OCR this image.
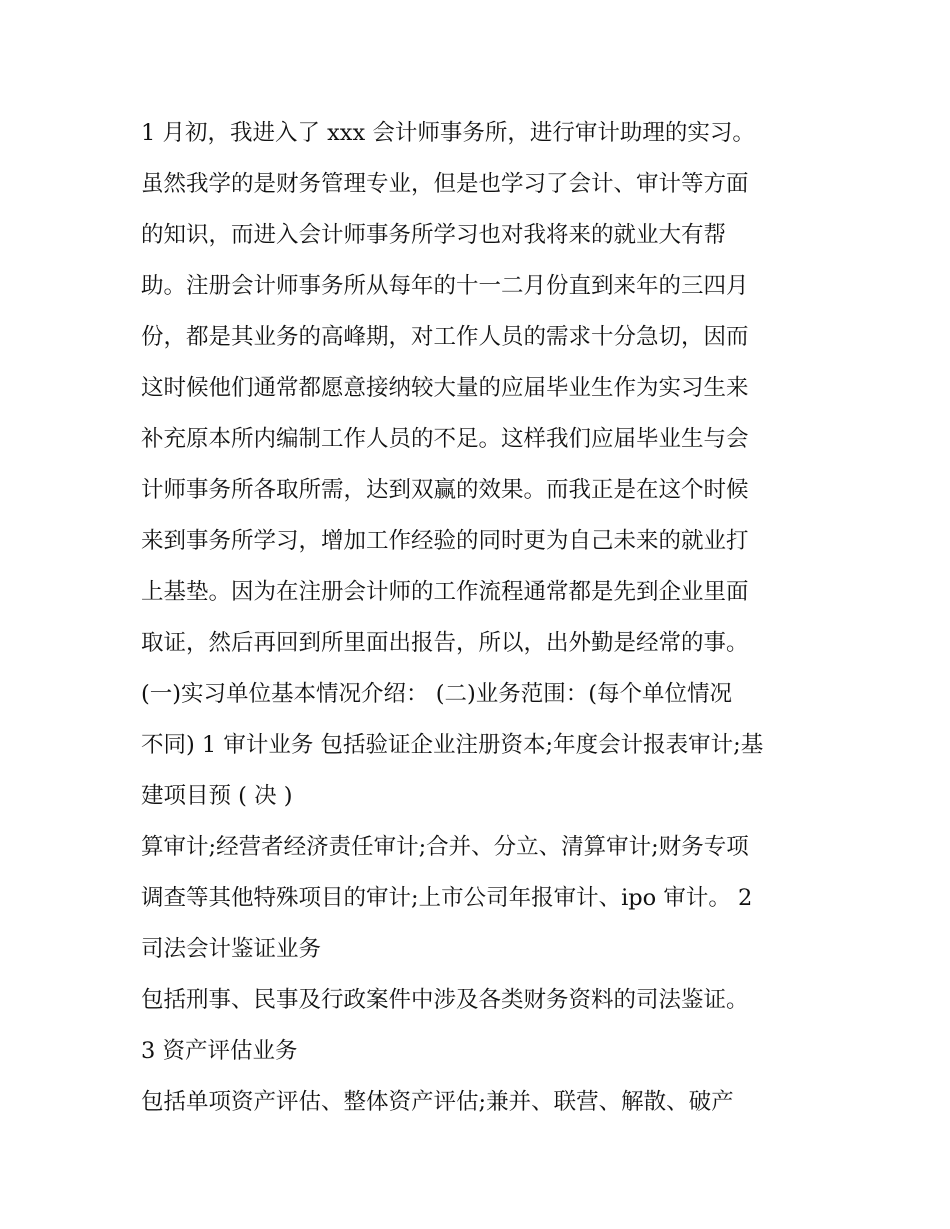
1 月初，我进入了 xxx 会计师事务所，进行审计助理的实习。

虽然我学的是财务管理专业，但是也学习了会计、审计等方面

的知识，而进入会计师事务所学习也对我将来的就业大有帮

助。注册会计师事务所从每年的十一二月份直到来年的三四月

份，都是其业务的高峰期，对工作人员的需求十分急切，因而

这时候他们通常都愿意接纳较大量的应届毕业生作为实习生来

补充原本所内编制工作人员的不足。这样我们应届毕业生与会

计师事务所各取所需，达到双赢的效果。而我正是在这个时候

来到事务所学习，增加工作经验的同时更为自己未来的就业打

上基垫。因为在注册会计师的工作流程通常都是先到企业里面

取证，然后再回到所里面出报告，所以，出外勤是经常的事。

(一)实习单位基本情况介绍： (二)业务范围：(每个单位情况

不同) 1 审计业务 包括验证企业注册资本;年度会计报表审计;基

建项目预 ( 决 )

算审计;经营者经济责任审计;合并、分立、清算审计;财务专项

调查等其他特殊项目的审计;上市公司年报审计、ipo 审计。 2

司法会计鉴证业务

包括刑事、民事及行政案件中涉及各类财务资料的司法鉴证。

3 资产评估业务

包括单项资产评估、整体资产评估;兼并、联营、解散、破产
